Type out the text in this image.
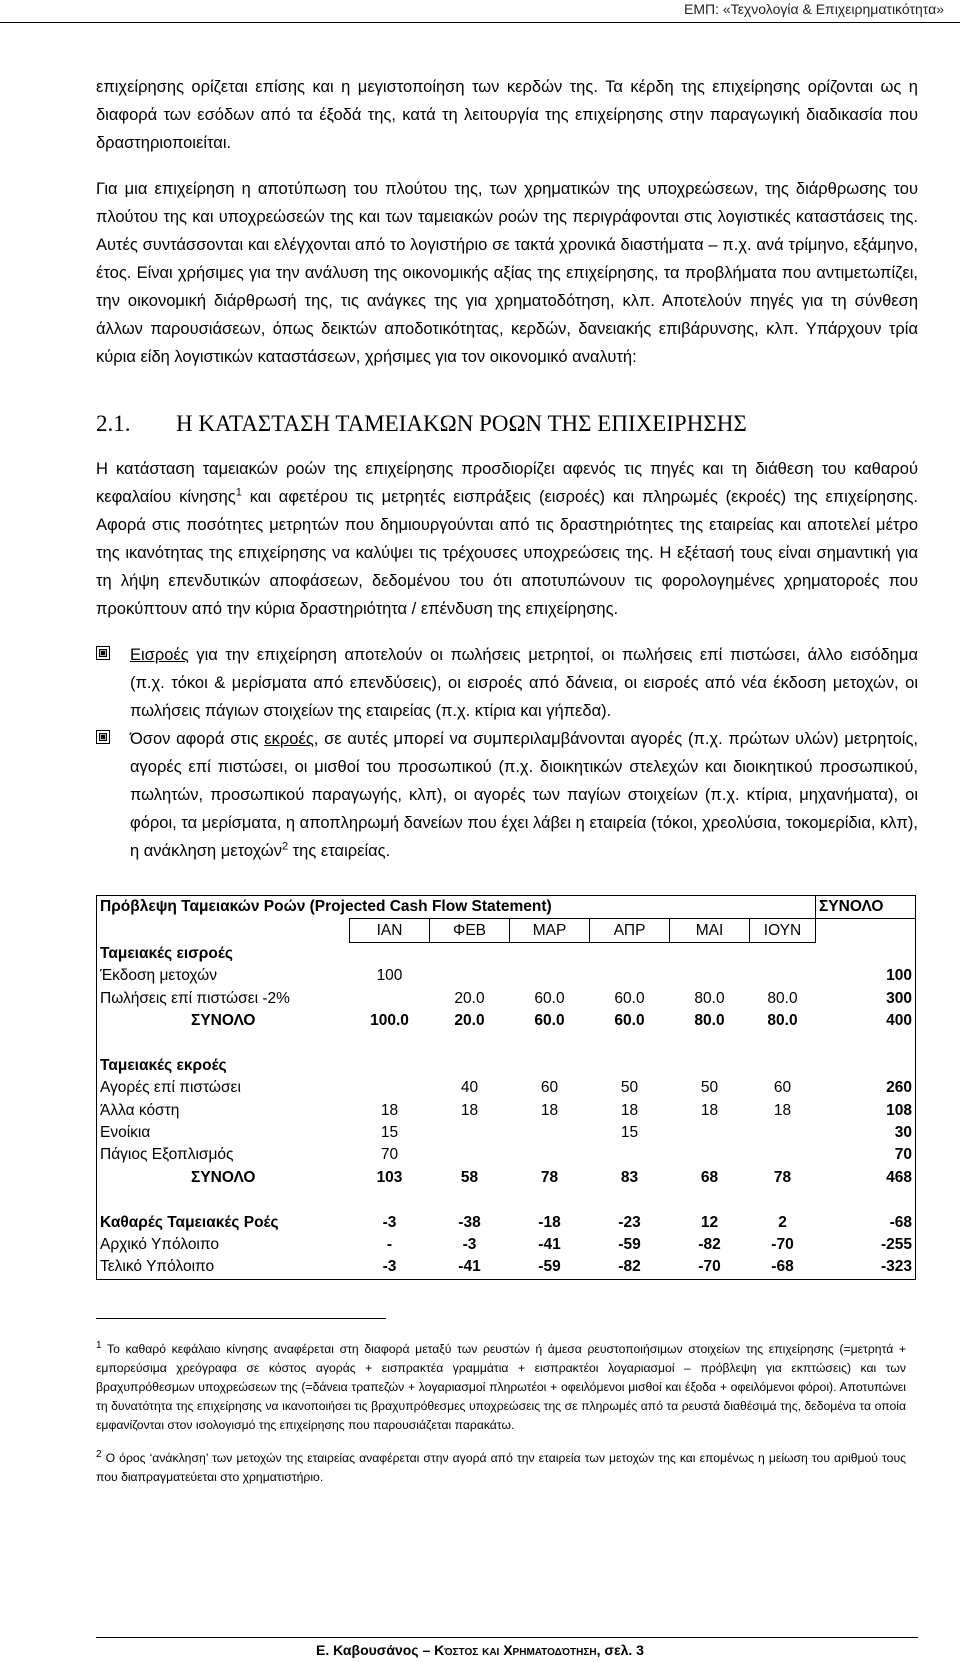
ΕΜΠ: «Τεχνολογία & Επιχειρηματικότητα»

επιχείρησης ορίζεται επίσης και η μεγιστοποίηση των κερδών της. Τα κέρδη της επιχείρησης ορίζονται ως η διαφορά των εσόδων από τα έξοδά της, κατά τη λειτουργία της επιχείρησης στην παραγωγική διαδικασία που δραστηριοποιείται.

Για μια επιχείρηση η αποτύπωση του πλούτου της, των χρηματικών της υποχρεώσεων, της διάρθρωσης του πλούτου της και υποχρεώσεών της και των ταμειακών ροών της περιγράφονται στις λογιστικές καταστάσεις της. Αυτές συντάσσονται και ελέγχονται από το λογιστήριο σε τακτά χρονικά διαστήματα – π.χ. ανά τρίμηνο, εξάμηνο, έτος. Είναι χρήσιμες για την ανάλυση της οικονομικής αξίας της επιχείρησης, τα προβλήματα που αντιμετωπίζει, την οικονομική διάρθρωσή της, τις ανάγκες της για χρηματοδότηση, κλπ. Αποτελούν πηγές για τη σύνθεση άλλων παρουσιάσεων, όπως δεικτών αποδοτικότητας, κερδών, δανειακής επιβάρυνσης, κλπ. Υπάρχουν τρία κύρια είδη λογιστικών καταστάσεων, χρήσιμες για τον οικονομικό αναλυτή:

2.1. Η ΚΑΤΑΣΤΑΣΗ ΤΑΜΕΙΑΚΩΝ ΡΟΩΝ ΤΗΣ ΕΠΙΧΕΙΡΗΣΗΣ

Η κατάσταση ταμειακών ροών της επιχείρησης προσδιορίζει αφενός τις πηγές και τη διάθεση του καθαρού κεφαλαίου κίνησης$^1$ και αφετέρου τις μετρητές εισπράξεις (εισροές) και πληρωμές (εκροές) της επιχείρησης. Αφορά στις ποσότητες μετρητών που δημιουργούνται από τις δραστηριότητες της εταιρείας και αποτελεί μέτρο της ικανότητας της επιχείρησης να καλύψει τις τρέχουσες υποχρεώσεις της. Η εξέτασή τους είναι σημαντική για τη λήψη επενδυτικών αποφάσεων, δεδομένου του ότι αποτυπώνουν τις φορολογημένες χρηματοροές που προκύπτουν από την κύρια δραστηριότητα / επένδυση της επιχείρησης.

Εισροές για την επιχείρηση αποτελούν οι πωλήσεις μετρητοί, οι πωλήσεις επί πιστώσει, άλλο εισόδημα (π.χ. τόκοι & μερίσματα από επενδύσεις), οι εισροές από δάνεια, οι εισροές από νέα έκδοση μετοχών, οι πωλήσεις πάγιων στοιχείων της εταιρείας (π.χ. κτίρια και γήπεδα).
Όσον αφορά στις εκροές, σε αυτές μπορεί να συμπεριλαμβάνονται αγορές (π.χ. πρώτων υλών) μετρητοίς, αγορές επί πιστώσει, οι μισθοί του προσωπικού (π.χ. διοικητικών στελεχών και διοικητικού προσωπικού, πωλητών, προσωπικού παραγωγής, κλπ), οι αγορές των παγίων στοιχείων (π.χ. κτίρια, μηχανήματα), οι φόροι, τα μερίσματα, η αποπληρωμή δανείων που έχει λάβει η εταιρεία (τόκοι, χρεολύσια, τοκομερίδια, κλπ), η ανάκληση μετοχών$^2$ της εταιρείας.
Πρόβλεψη Ταμειακών Ροών (Projected Cash Flow Statement)							ΣΥΝΟΛΟ
	ΙΑΝ	ΦΕΒ	ΜΑΡ	ΑΠΡ	ΜΑΙ	ΙΟΥΝ	
Ταμειακές εισροές							
Έκδοση μετοχών	100						100
Πωλήσεις επί πιστώσει -2%		20.0	60.0	60.0	80.0	80.0	300
ΣΥΝΟΛΟ	100.0	20.0	60.0	60.0	80.0	80.0	400

Ταμειακές εκροές							
Αγορές επί πιστώσει		40	60	50	50	60	260
Άλλα κόστη	18	18	18	18	18	18	108
Ενοίκια	15			15			30
Πάγιος Εξοπλισμός	70						70
ΣΥΝΟΛΟ	103	58	78	83	68	78	468

Καθαρές Ταμειακές Ροές	-3	-38	-18	-23	12	2	-68
Αρχικό Υπόλοιπο	-	-3	-41	-59	-82	-70	-255
Τελικό Υπόλοιπο	-3	-41	-59	-82	-70	-68	-323

$^1$ Το καθαρό κεφάλαιο κίνησης αναφέρεται στη διαφορά μεταξύ των ρευστών ή άμεσα ρευστοποιήσιμων στοιχείων της επιχείρησης (=μετρητά + εμπορεύσιμα χρεόγραφα σε κόστος αγοράς + εισπρακτέα γραμμάτια + εισπρακτέοι λογαριασμοί – πρόβλεψη για εκπτώσεις) και των βραχυπρόθεσμων υποχρεώσεων της (=δάνεια τραπεζών + λογαριασμοί πληρωτέοι + οφειλόμενοι μισθοί και έξοδα + οφειλόμενοι φόροι). Αποτυπώνει τη δυνατότητα της επιχείρησης να ικανοποιήσει τις βραχυπρόθεσμες υποχρεώσεις της σε πληρωμές από τα ρευστά διαθέσιμά της, δεδομένα τα οποία εμφανίζονται στον ισολογισμό της επιχείρησης που παρουσιάζεται παρακάτω.

$^2$ Ο όρος ‘ανάκληση’ των μετοχών της εταιρείας αναφέρεται στην αγορά από την εταιρεία των μετοχών της και επομένως η μείωση του αριθμού τους που διαπραγματεύεται στο χρηματιστήριο.

Ε. Καβουσάνος – Κόστος και Χρηματοδότηση, σελ. 3
